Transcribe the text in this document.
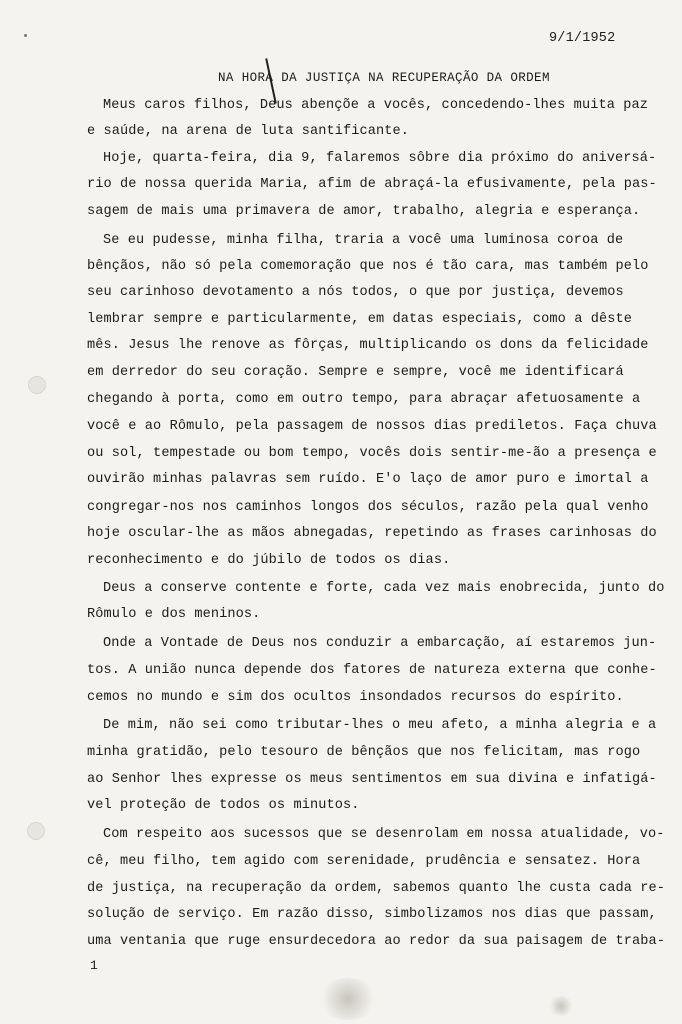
9/1/1952
NA HORA DA JUSTIÇA NA RECUPERAÇÃO DA ORDEM
Meus caros filhos, Deus abençõe a vocês, concedendo-lhes muita paz
e saúde, na arena de luta santificante.
Hoje, quarta-feira, dia 9, falaremos sôbre dia próximo do aniversá-
rio de nossa querida Maria, afim de abraçá-la efusivamente, pela pas-
sagem de mais uma primavera de amor, trabalho, alegria e esperança.
Se eu pudesse, minha filha, traria a você uma luminosa coroa de
bênçãos, não só pela comemoração que nos é tão cara, mas também pelo
seu carinhoso devotamento a nós todos, o que por justiça, devemos
lembrar sempre e particularmente, em datas especiais, como a dêste
mês. Jesus lhe renove as fôrças, multiplicando os dons da felicidade
em derredor do seu coração. Sempre e sempre, você me identificará
chegando à porta, como em outro tempo, para abraçar afetuosamente a
você e ao Rômulo, pela passagem de nossos dias prediletos. Faça chuva
ou sol, tempestade ou bom tempo, vocês dois sentir-me-ão a presença e
ouvirão minhas palavras sem ruído. E'o laço de amor puro e imortal a
congregar-nos nos caminhos longos dos séculos, razão pela qual venho
hoje oscular-lhe as mãos abnegadas, repetindo as frases carinhosas do
reconhecimento e do júbilo de todos os dias.
Deus a conserve contente e forte, cada vez mais enobrecida, junto do
Rômulo e dos meninos.
Onde a Vontade de Deus nos conduzir a embarcação, aí estaremos jun-
tos. A união nunca depende dos fatores de natureza externa que conhe-
cemos no mundo e sim dos ocultos insondados recursos do espírito.
De mim, não sei como tributar-lhes o meu afeto, a minha alegria e a
minha gratidão, pelo tesouro de bênçãos que nos felicitam, mas rogo
ao Senhor lhes expresse os meus sentimentos em sua divina e infatigá-
vel proteção de todos os minutos.
Com respeito aos sucessos que se desenrolam em nossa atualidade, vo-
cê, meu filho, tem agido com serenidade, prudência e sensatez. Hora
de justiça, na recuperação da ordem, sabemos quanto lhe custa cada re-
solução de serviço. Em razão disso, simbolizamos nos dias que passam,
uma ventania que ruge ensurdecedora ao redor da sua paisagem de traba-
1
